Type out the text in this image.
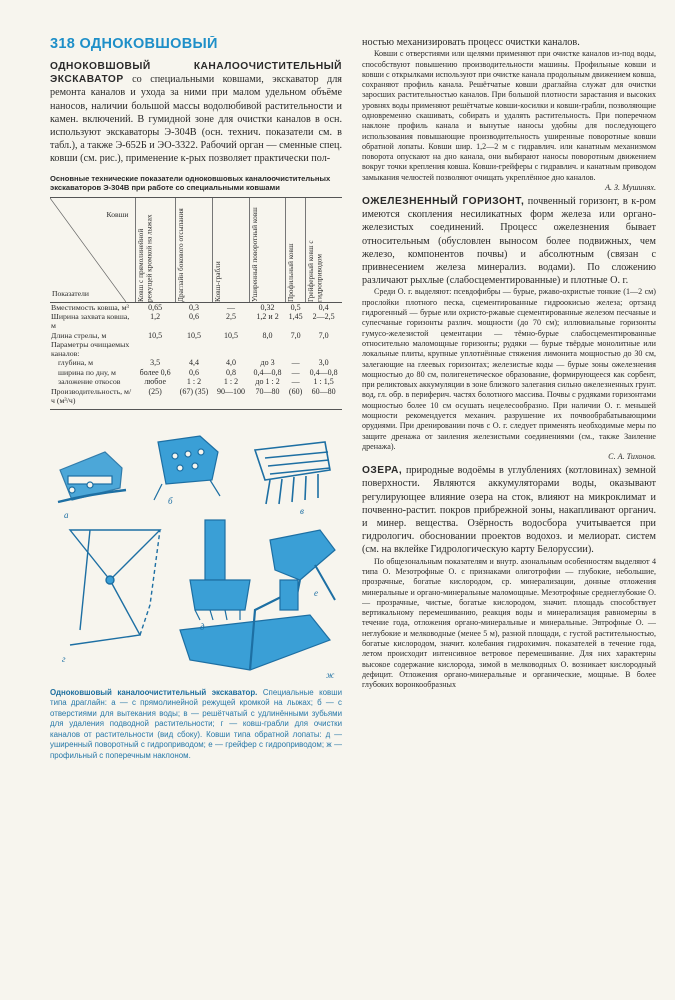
318 ОДНОКОВШОВЫЙ

ОДНОКОВШОВЫЙ КАНАЛООЧИСТИТЕЛЬНЫЙ ЭКСКАВАТОР со специальными ковшами, экскаватор для ремонта каналов и ухода за ними при малом удельном объёме наносов, наличии большой массы водолюбивой растительности и камен. включений. В гумидной зоне для очистки каналов в осн. используют экскаваторы Э-304В (осн. технич. показатели см. в табл.), а также Э-652Б и ЭО-3322. Рабочий орган — сменные спец. ковши (см. рис.), применение к-рых позволяет практически пол-

Основные технические показатели одноковшовых каналоочистительных экскаваторов Э-304В при работе со специальными ковшами
Ковши
Показатели	Ковш с прямолинейной режущей кромкой на лыжах	Драглайн бокового отсыпания	Ковш-грабли	Уширенный поворотный ковш	Профильный ковш	Грейферный ковш с гидроприводом

Вместимость ковша, м³	0,65	0,3	—	0,32	0,5	0,4
Ширина захвата ковша, м	1,2	0,6	2,5	1,2 и 2	1,45	2—2,5
Длина стрелы, м	10,5	10,5	10,5	8,0	7,0	7,0
Параметры очищаемых каналов:						
глубина, м	3,5	4,4	4,0	до 3	—	3,0
ширина по дну, м	более 0,6	0,6	0,8	0,4—0,8	—	0,4—0,8
заложение откосов	любое	1 : 2	1 : 2	до 1 : 2	—	1 : 1,5
Производительность, м/ч (м³/ч)	(25)	(67) (35)	90—100	70—80	(60)	60—80
а
б
в
г
д
е
ж

Одноковшовый каналоочистительный экскаватор. Специальные ковши типа драглайн: а — с прямолинейной режущей кромкой на лыжах; б — с отверстиями для вытекания воды; в — решётчатый с удлинёнными зубьями для удаления подводной растительности; г — ковш-грабли для очистки каналов от растительности (вид сбоку). Ковши типа обратной лопаты: д — уширенный поворотный с гидроприводом; е — грейфер с гидроприводом; ж — профильный с поперечным наклоном.

ностью механизировать процесс очистки каналов.

Ковши с отверстиями или щелями применяют при очистке каналов из-под воды, способствуют повышению производительности машины. Профильные ковши и ковши с открылками используют при очистке канала продольным движением ковша, сохраняют профиль канала. Решётчатые ковши драглайна служат для очистки заросших растительностью каналов. При большой плотности зарастания и высоких уровнях воды применяют решётчатые ковши-косилки и ковши-грабли, позволяющие одновременно скашивать, собирать и удалять растительность. При поперечном наклоне профиль канала и вынутые наносы удобны для последующего использования повышающие производительность уширенные поворотные ковши обратной лопаты. Ковши шир. 1,2—2 м с гидравлич. или канатным механизмом поворота опускают на дно канала, они выбирают наносы поворотным движением вокруг точки крепления ковша. Ковши-грейферы с гидравлич. и канатным приводом замыкания челюстей позволяют очищать укреплённое дно каналов.

А. З. Мушинях.

ОЖЕЛЕЗНЕННЫЙ ГОРИЗОНТ, почвенный горизонт, в к-ром имеются скопления несиликатных форм железа или органо-железистых соединений. Процесс ожелезнения бывает относительным (обусловлен выносом более подвижных, чем железо, компонентов почвы) и абсолютным (связан с привнесением железа минерализ. водами). По сложению различают рыхлые (слабосцементированные) и плотные О. г.

Среди О. г. выделяют: псевдофибры — бурые, ржаво-охристые тонкие (1—2 см) прослойки плотного песка, сцементированные гидроокисью железа; ортзанд гидрогенный — бурые или охристо-ржавые сцементированные железом песчаные и супесчаные горизонты различ. мощности (до 70 см); иллювиальные горизонты гумусо-железистой цементации — тёмно-бурые слабосцементированные относительно маломощные горизонты; рудяки — бурые твёрдые монолитные или локальные плиты, крупные уплотнённые стяжения лимонита мощностью до 30 см, залегающие на глеевых горизонтах; железистые коды — бурые зоны ожелезнения мощностью до 80 см, полигенетическое образование, формирующееся как сорбент, при реликтовых аккумуляции в зоне близкого залегания сильно ожелезненных грунт. вод, гл. обр. в периферич. частях болотного массива. Почвы с рудяками горизонтами мощностью более 10 см осушать нецелесообразно. При наличии О. г. меньшей мощности рекомендуется механич. разрушение их почвообрабатывающими орудиями. При дренировании почв с О. г. следует применять необходимые меры по защите дренажа от заиления железистыми соединениями (см., также Заиление дренажа).

С. А. Тихонов.

ОЗЕРА, природные водоёмы в углублениях (котловинах) земной поверхности. Являются аккумуляторами воды, оказывают регулирующее влияние озера на сток, влияют на микроклимат и почвенно-растит. покров прибрежной зоны, накапливают органич. и минер. вещества. Озёрность водосбора учитывается при гидрологич. обосновании проектов водохоз. и мелиорат. систем (см. на вклейке Гидрологическую карту Белоруссии).

По общезональным показателям и внутр. азональным особенностям выделяют 4 типа О. Мезотрофные О. с признаками олиготрофии — глубокие, небольшие, прозрачные, богатые кислородом, ср. минерализации, донные отложения минеральные и органо-минеральные маломощные. Мезотрофные среднеглубокие О. — прозрачные, чистые, богатые кислородом, значит. площадь способствует вертикальному перемешиванию, реакция воды и минерализация равномерны в течение года, отложения органо-минеральные и минеральные. Эвтрофные О. — неглубокие и мелководные (менее 5 м), разной площади, с густой растительностью, богатые кислородом, значит. колебания гидрохимич. показателей в течение года, летом происходит интенсивное ветровое перемешивание. Для них характерны высокое содержание кислорода, зимой в мелководных О. возникает кислородный дефицит. Отложения органо-минеральные и органические, мощные. В более глубоких воронкообразных
